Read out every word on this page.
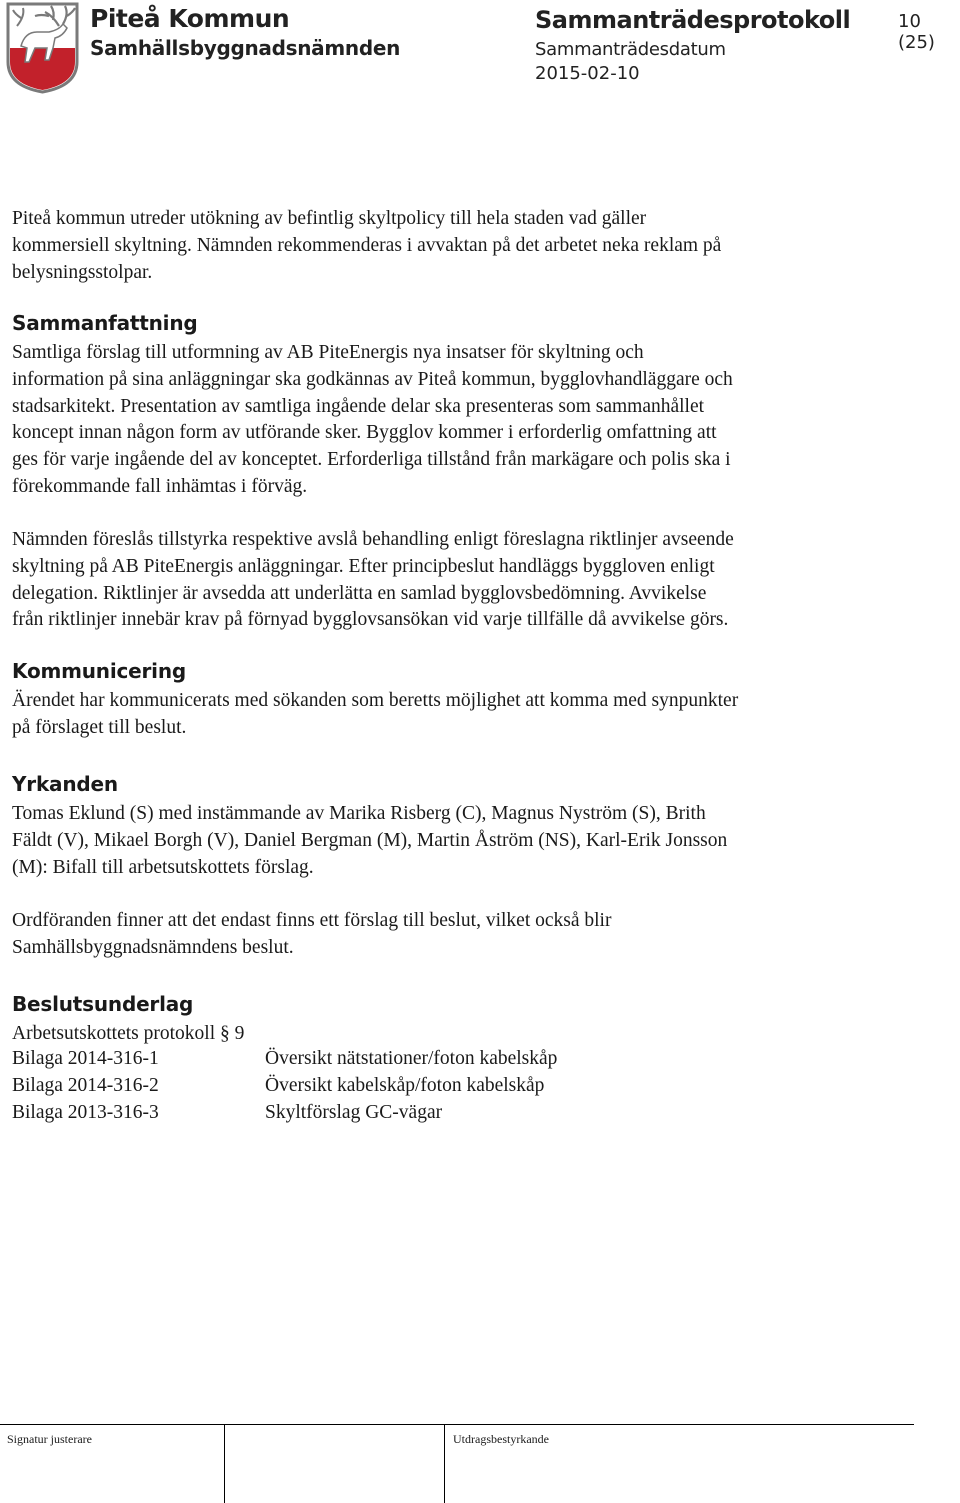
Piteå Kommun
Samhällsbyggnadsnämnden
Sammanträdesprotokoll
Sammanträdesdatum
2015-02-10
10 (25)
Piteå kommun utreder utökning av befintlig skyltpolicy till hela staden vad gäller
kommersiell skyltning. Nämnden rekommenderas i avvaktan på det arbetet neka reklam på
belysningsstolpar.
Sammanfattning
Samtliga förslag till utformning av AB PiteEnergis nya insatser för skyltning och
information på sina anläggningar ska godkännas av Piteå kommun, bygglovhandläggare och
stadsarkitekt. Presentation av samtliga ingående delar ska presenteras som sammanhållet
koncept innan någon form av utförande sker. Bygglov kommer i erforderlig omfattning att
ges för varje ingående del av konceptet. Erforderliga tillstånd från markägare och polis ska i
förekommande fall inhämtas i förväg.
Nämnden föreslås tillstyrka respektive avslå behandling enligt föreslagna riktlinjer avseende
skyltning på AB PiteEnergis anläggningar. Efter principbeslut handläggs byggloven enligt
delegation. Riktlinjer är avsedda att underlätta en samlad bygglovsbedömning. Avvikelse
från riktlinjer innebär krav på förnyad bygglovsansökan vid varje tillfälle då avvikelse görs.
Kommunicering
Ärendet har kommunicerats med sökanden som beretts möjlighet att komma med synpunkter
på förslaget till beslut.
Yrkanden
Tomas Eklund (S) med instämmande av Marika Risberg (C), Magnus Nyström (S), Brith
Fäldt (V), Mikael Borgh (V), Daniel Bergman (M), Martin Åström (NS), Karl-Erik Jonsson
(M): Bifall till arbetsutskottets förslag.
Ordföranden finner att det endast finns ett förslag till beslut, vilket också blir
Samhällsbyggnadsnämndens beslut.
Beslutsunderlag
Arbetsutskottets protokoll § 9
Bilaga 2014-316-1	Översikt nätstationer/foton kabelskåp
Bilaga 2014-316-2	Översikt kabelskåp/foton kabelskåp
Bilaga 2013-316-3	Skyltförslag GC-vägar
Signatur justerare	Utdragsbestyrkande
